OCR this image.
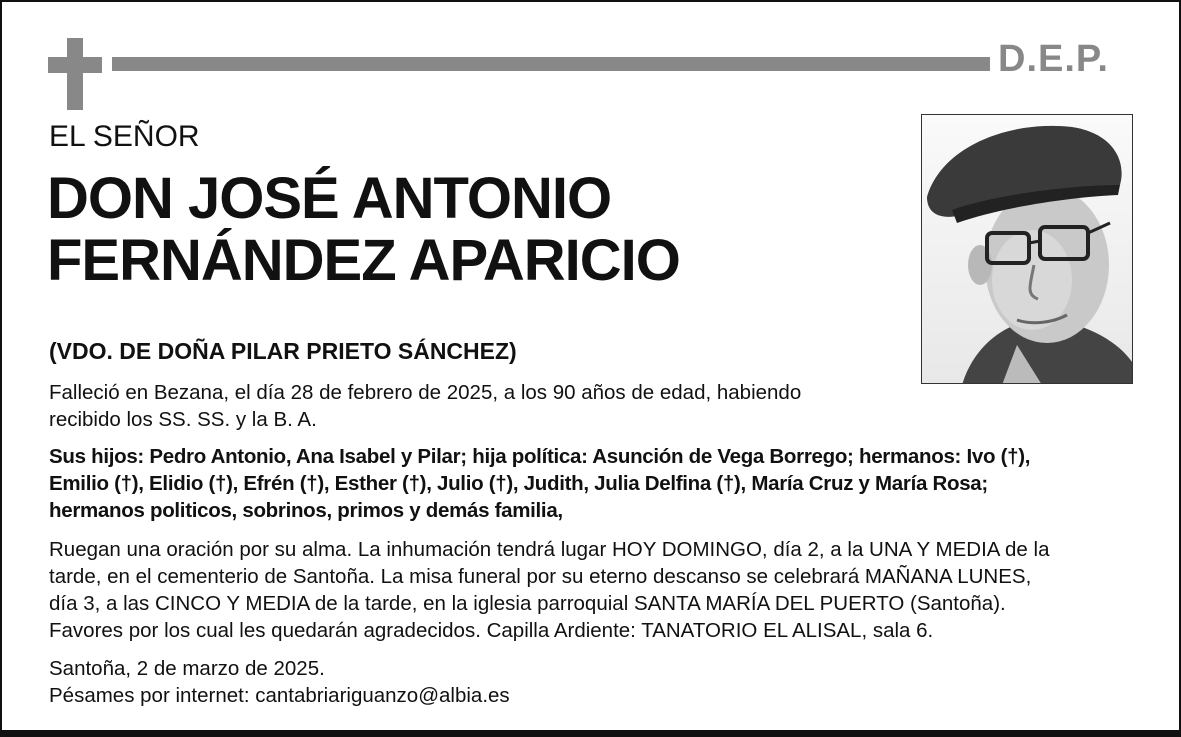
D.E.P.
EL SEÑOR
DON JOSÉ ANTONIO
FERNÁNDEZ APARICIO
(VDO. DE DOÑA PILAR PRIETO SÁNCHEZ)
Falleció en Bezana, el día 28 de febrero de 2025, a los 90 años de edad, habiendo
recibido los SS. SS. y la B. A.
Sus hijos: Pedro Antonio, Ana Isabel y Pilar; hija política: Asunción de Vega Borrego; hermanos: Ivo (†),
Emilio (†), Elidio (†), Efrén (†), Esther (†), Julio (†), Judith, Julia Delfina (†), María Cruz y María Rosa;
hermanos politicos, sobrinos, primos y demás familia,
Ruegan una oración por su alma. La inhumación tendrá lugar HOY DOMINGO, día 2, a la UNA Y MEDIA de la
tarde, en el cementerio de Santoña. La misa funeral por su eterno descanso se celebrará MAÑANA LUNES,
día 3, a las CINCO Y MEDIA de la tarde, en la iglesia parroquial SANTA MARÍA DEL PUERTO (Santoña).
Favores por los cual les quedarán agradecidos. Capilla Ardiente: TANATORIO EL ALISAL, sala 6.
Santoña, 2 de marzo de 2025.
Pésames por internet: cantabriariguanzo@albia.es
